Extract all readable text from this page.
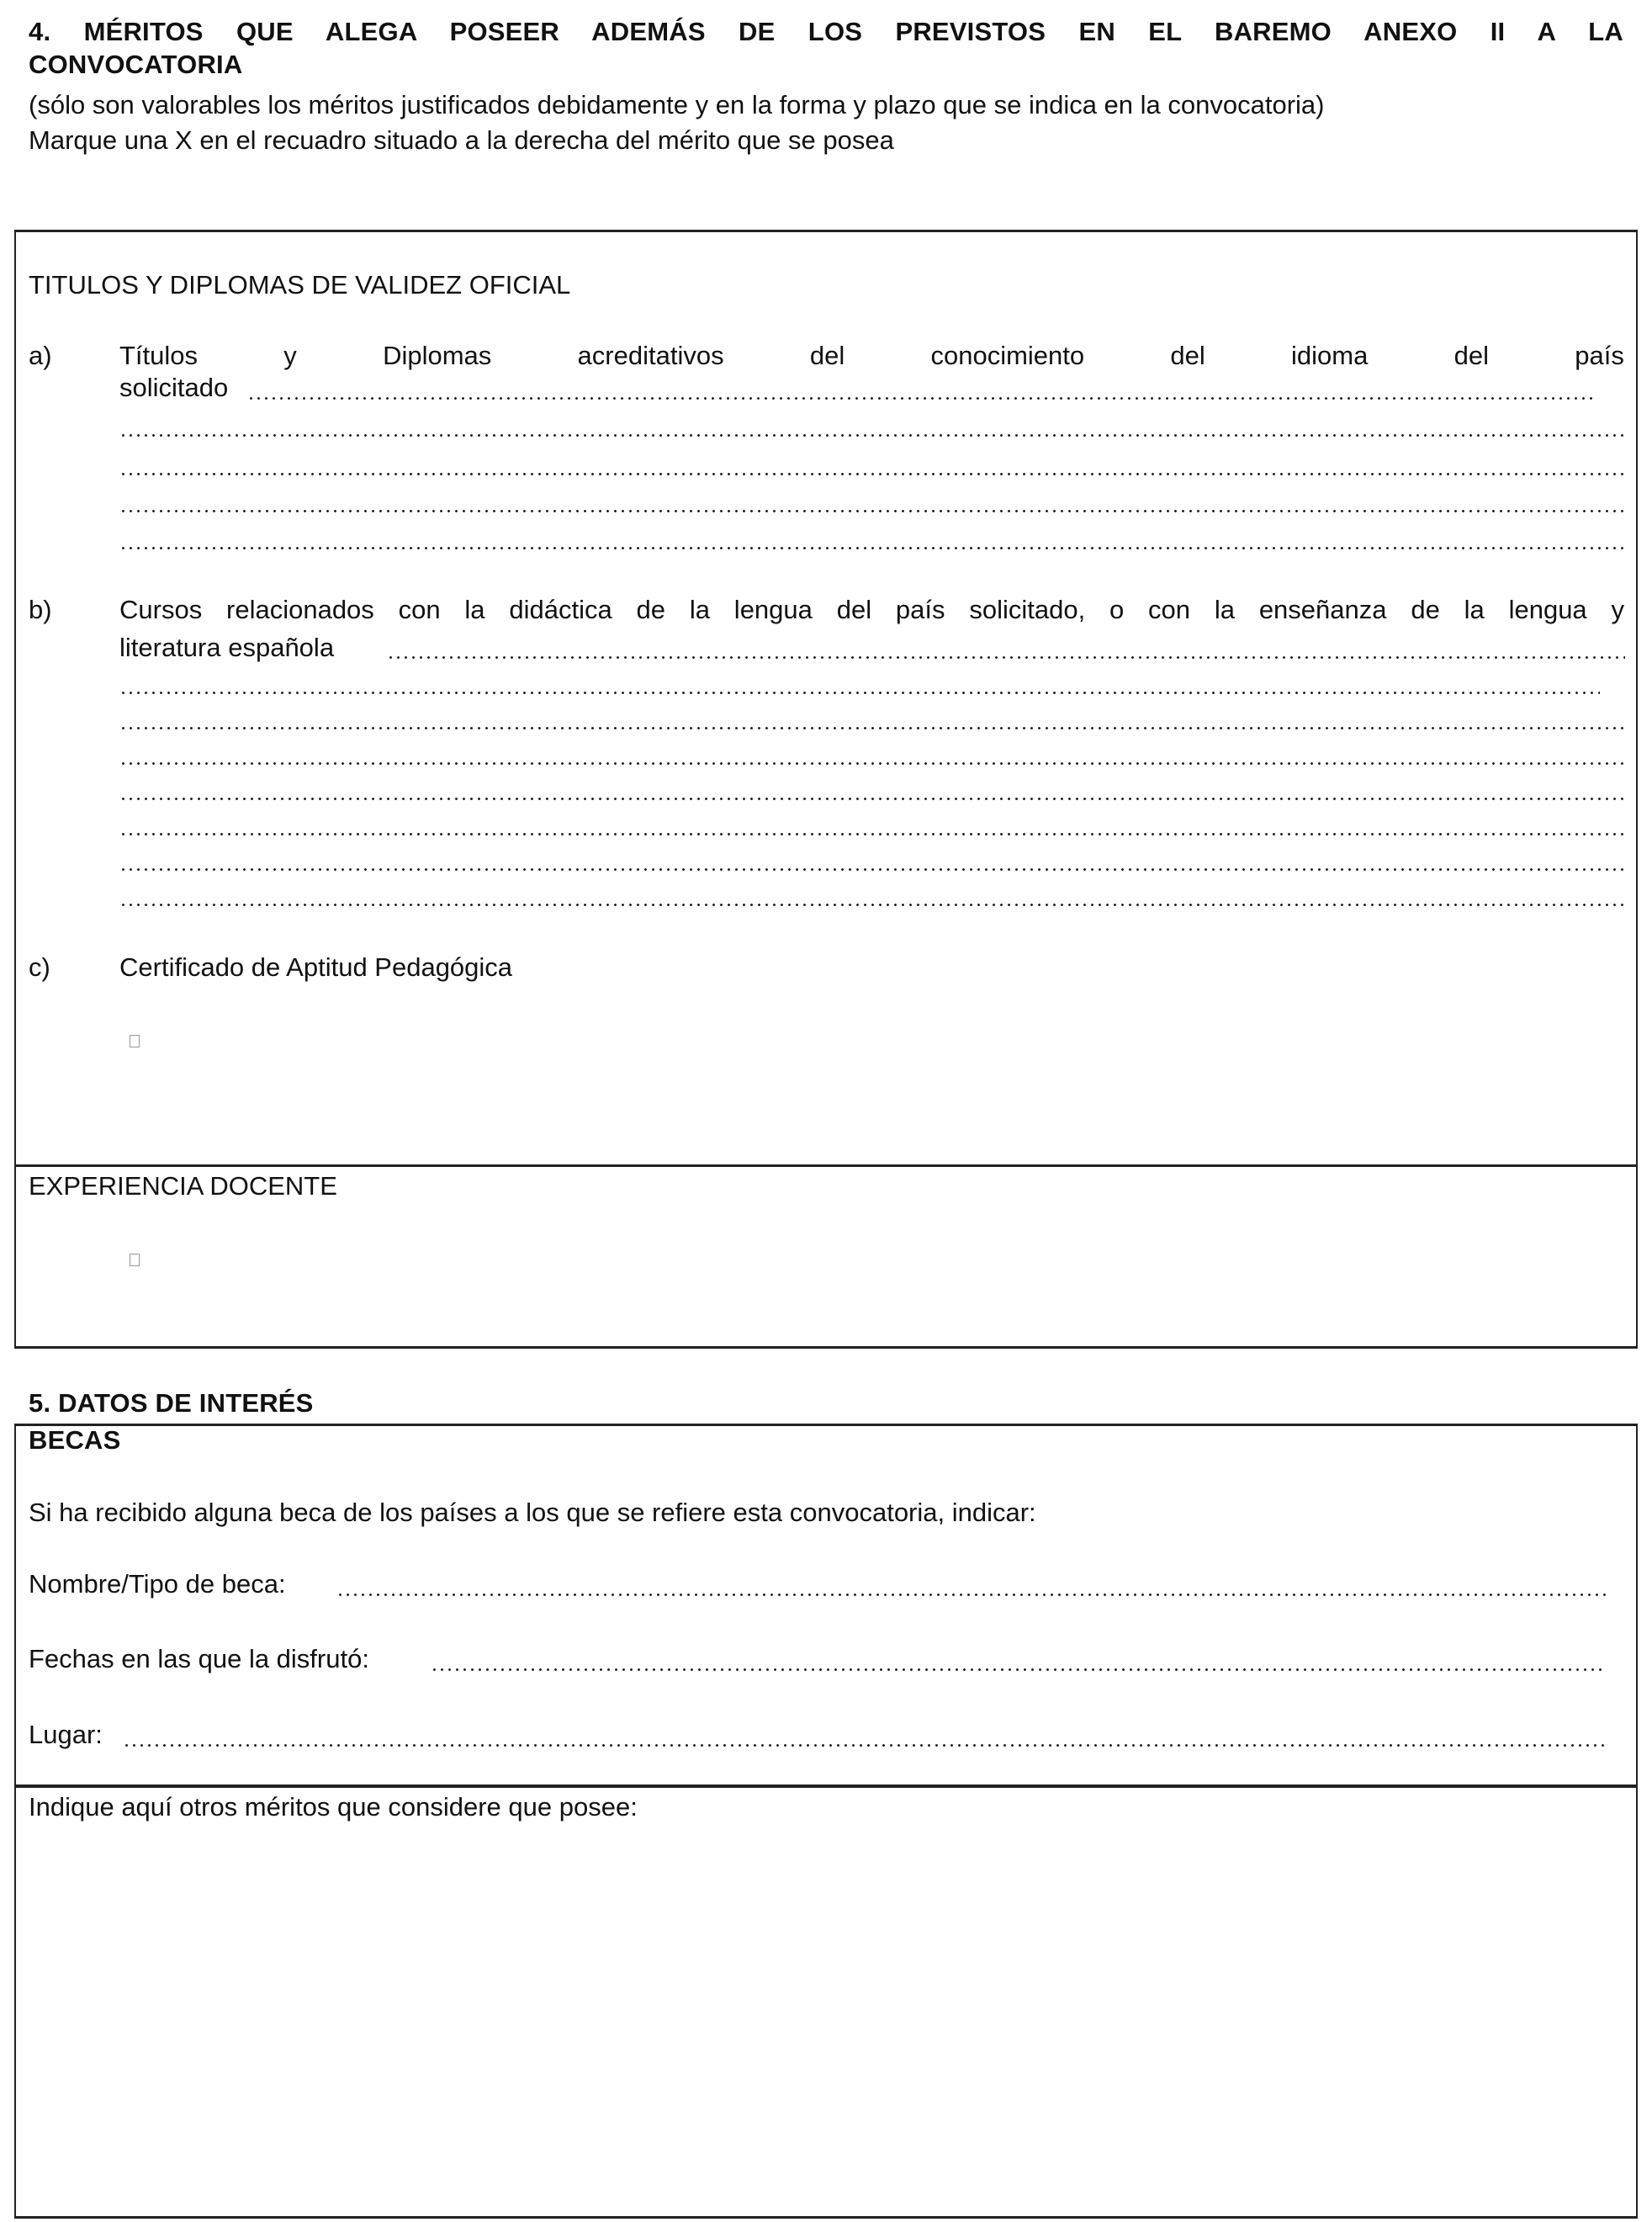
4. MÉRITOS QUE ALEGA POSEER ADEMÁS DE LOS PREVISTOS EN EL BAREMO ANEXO II A LA
CONVOCATORIA
(sólo son valorables los méritos justificados debidamente y en la forma y plazo que se indica en la convocatoria)
Marque una X en el recuadro situado a la derecha del mérito que se posea
TITULOS Y DIPLOMAS DE VALIDEZ OFICIAL
a)	Títulos	y	Diplomas	acreditativos	del	conocimiento	del	idioma	del	país
solicitado
b)	Cursos relacionados con la didáctica de la lengua del país solicitado, o con la enseñanza de la lengua y
literatura española
c)	Certificado de Aptitud Pedagógica
EXPERIENCIA DOCENTE
5. DATOS DE INTERÉS
BECAS
Si ha recibido alguna beca de los países a los que se refiere esta convocatoria, indicar:
Nombre/Tipo de beca:
Fechas en las que la disfrutó:
Lugar:
Indique aquí otros méritos que considere que posee:
